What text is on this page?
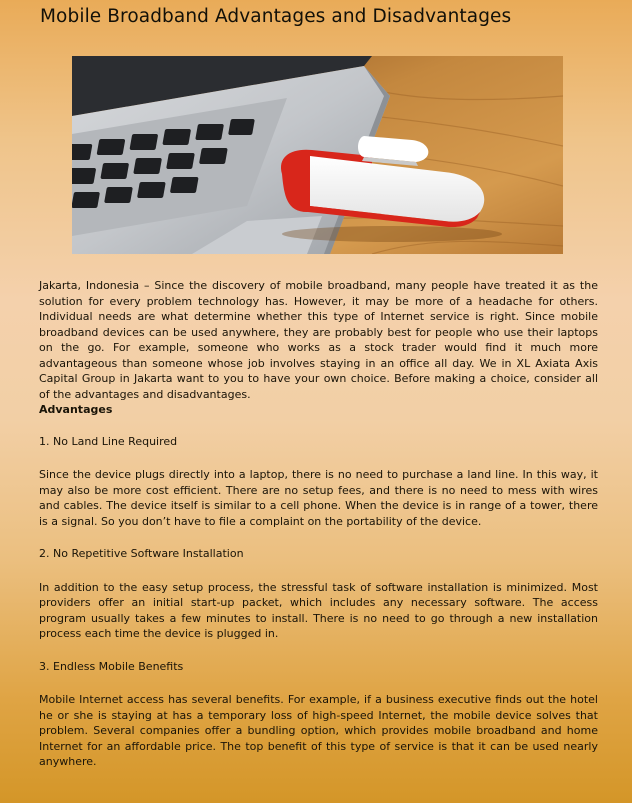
Mobile Broadband Advantages and Disadvantages

Jakarta, Indonesia – Since the discovery of mobile broadband, many people have treated it as the solution for every problem technology has. However, it may be more of a headache for others. Individual needs are what determine whether this type of Internet service is right. Since mobile broadband devices can be used anywhere, they are probably best for people who use their laptops on the go. For example, someone who works as a stock trader would find it much more advantageous than someone whose job involves staying in an office all day. We in XL Axiata Axis Capital Group in Jakarta want to you to have your own choice. Before making a choice, consider all of the advantages and disadvantages.

Advantages

1. No Land Line Required

Since the device plugs directly into a laptop, there is no need to purchase a land line. In this way, it may also be more cost efficient. There are no setup fees, and there is no need to mess with wires and cables. The device itself is similar to a cell phone. When the device is in range of a tower, there is a signal. So you don’t have to file a complaint on the portability of the device.

2. No Repetitive Software Installation

In addition to the easy setup process, the stressful task of software installation is minimized. Most providers offer an initial start-up packet, which includes any necessary software. The access program usually takes a few minutes to install. There is no need to go through a new installation process each time the device is plugged in.

3. Endless Mobile Benefits

Mobile Internet access has several benefits. For example, if a business executive finds out the hotel he or she is staying at has a temporary loss of high-speed Internet, the mobile device solves that problem. Several companies offer a bundling option, which provides mobile broadband and home Internet for an affordable price. The top benefit of this type of service is that it can be used nearly anywhere.
